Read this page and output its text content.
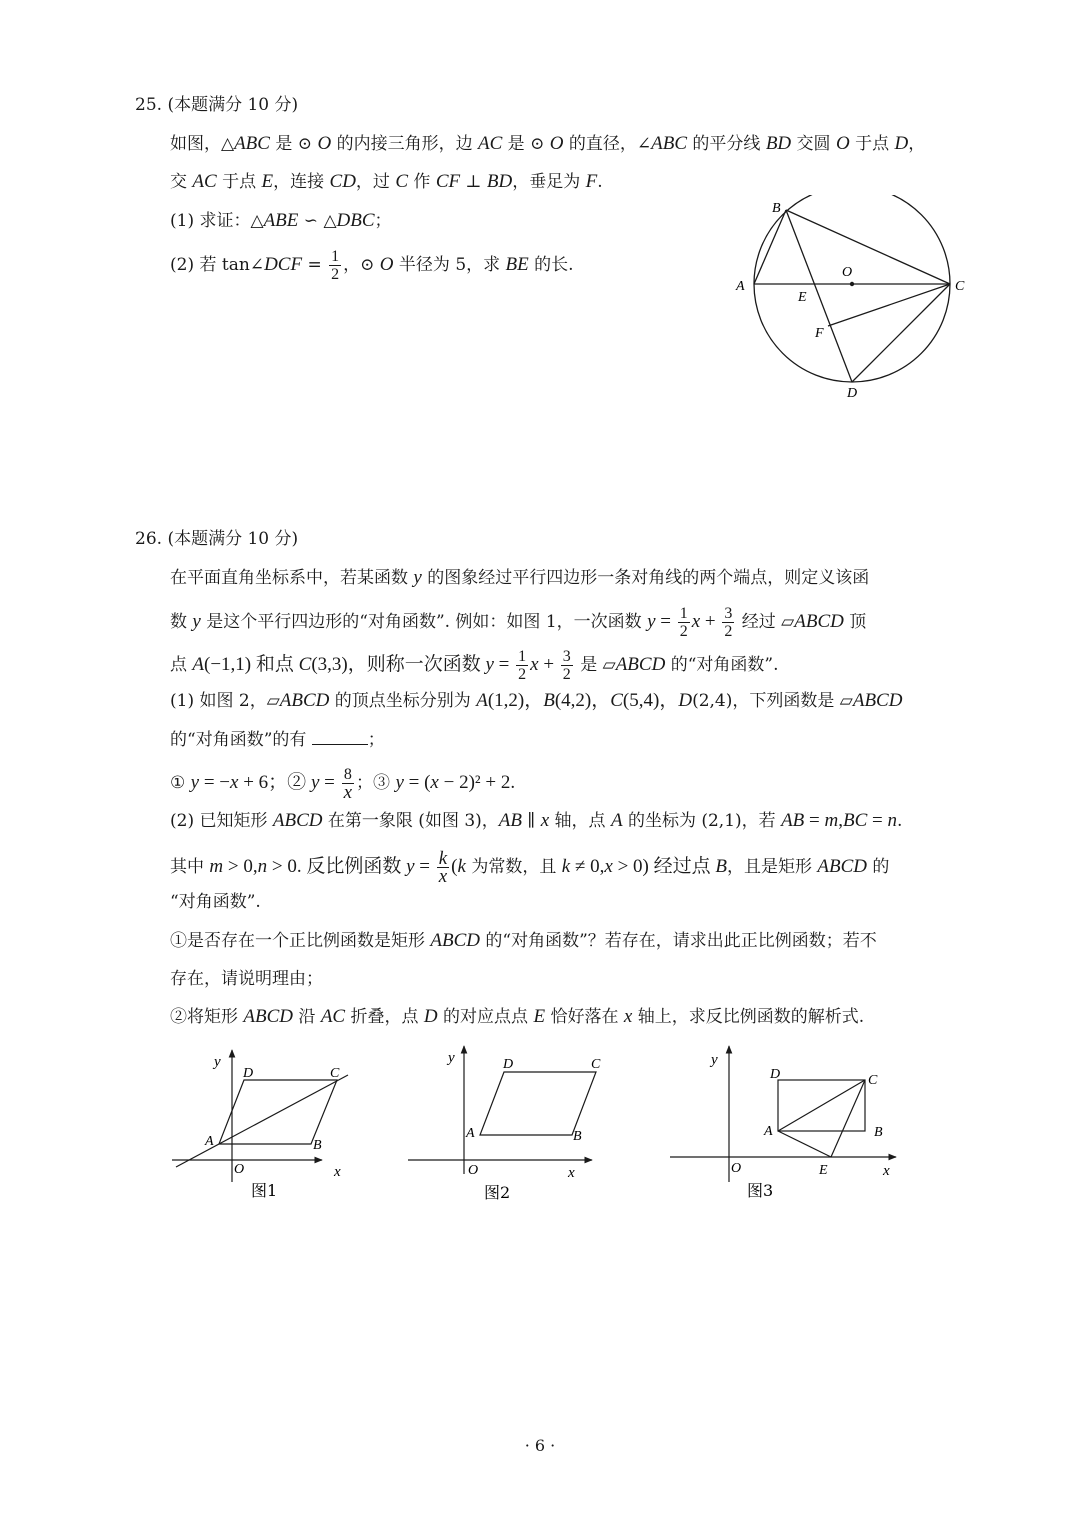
25. (本题满分 10 分)
如图，△ABC 是 ⊙ O 的内接三角形，边 AC 是 ⊙ O 的直径，∠ABC 的平分线 BD 交圆 O 于点 D，
交 AC 于点 E，连接 CD，过 C 作 CF ⊥ BD，垂足为 F.
(1) 求证：△ABE ∽ △DBC；
(2) 若 tan∠DCF = $\frac{1}{2}$ ，⊙ O 半径为 5，求 BE 的长.
B
A
O
C
E
F
D
26. (本题满分 10 分)
在平面直角坐标系中，若某函数 y 的图象经过平行四边形一条对角线的两个端点，则定义该函
数 y 是这个平行四边形的“对角函数”. 例如：如图 1，一次函数 $y = \frac{1}{2}$ $x + \frac{3}{2}$ 经过 ▱ABCD 顶
点 A(−1,1) 和点 C(3,3)，则称一次函数 $y = \frac{1}{2}$ $x + \frac{3}{2}$ 是 ▱ABCD 的“对角函数”.
(1) 如图 2，▱ABCD 的顶点坐标分别为 A(1,2)，B(4,2)，C(5,4)，D(2,4)，下列函数是 ▱ABCD
的“对角函数”的有	；
① y = −x + 6；② $y = \frac{8}{x}$ ；③ y = (x − 2)² + 2.
(2) 已知矩形 ABCD 在第一象限 (如图 3)，AB ∥ x 轴，点 A 的坐标为 (2,1)，若 AB = m,BC = n.
其中 m > 0,n > 0. 反比例函数 $y = \frac{k}{x} (k$ 为常数，且 k ≠ 0,x > 0) 经过点 B，且是矩形 ABCD 的
“对角函数”.
①是否存在一个正比例函数是矩形 ABCD 的“对角函数”？若存在，请求出此正比例函数；若不
存在，请说明理由；
②将矩形 ABCD 沿 AC 折叠，点 D 的对应点点 E 恰好落在 x 轴上，求反比例函数的解析式.
y
x
O
A	B
C
D
图1
y
x
O
A	B
C
D
图2
y
x
O
A	B
C
D
E
图3
· 6 ·
